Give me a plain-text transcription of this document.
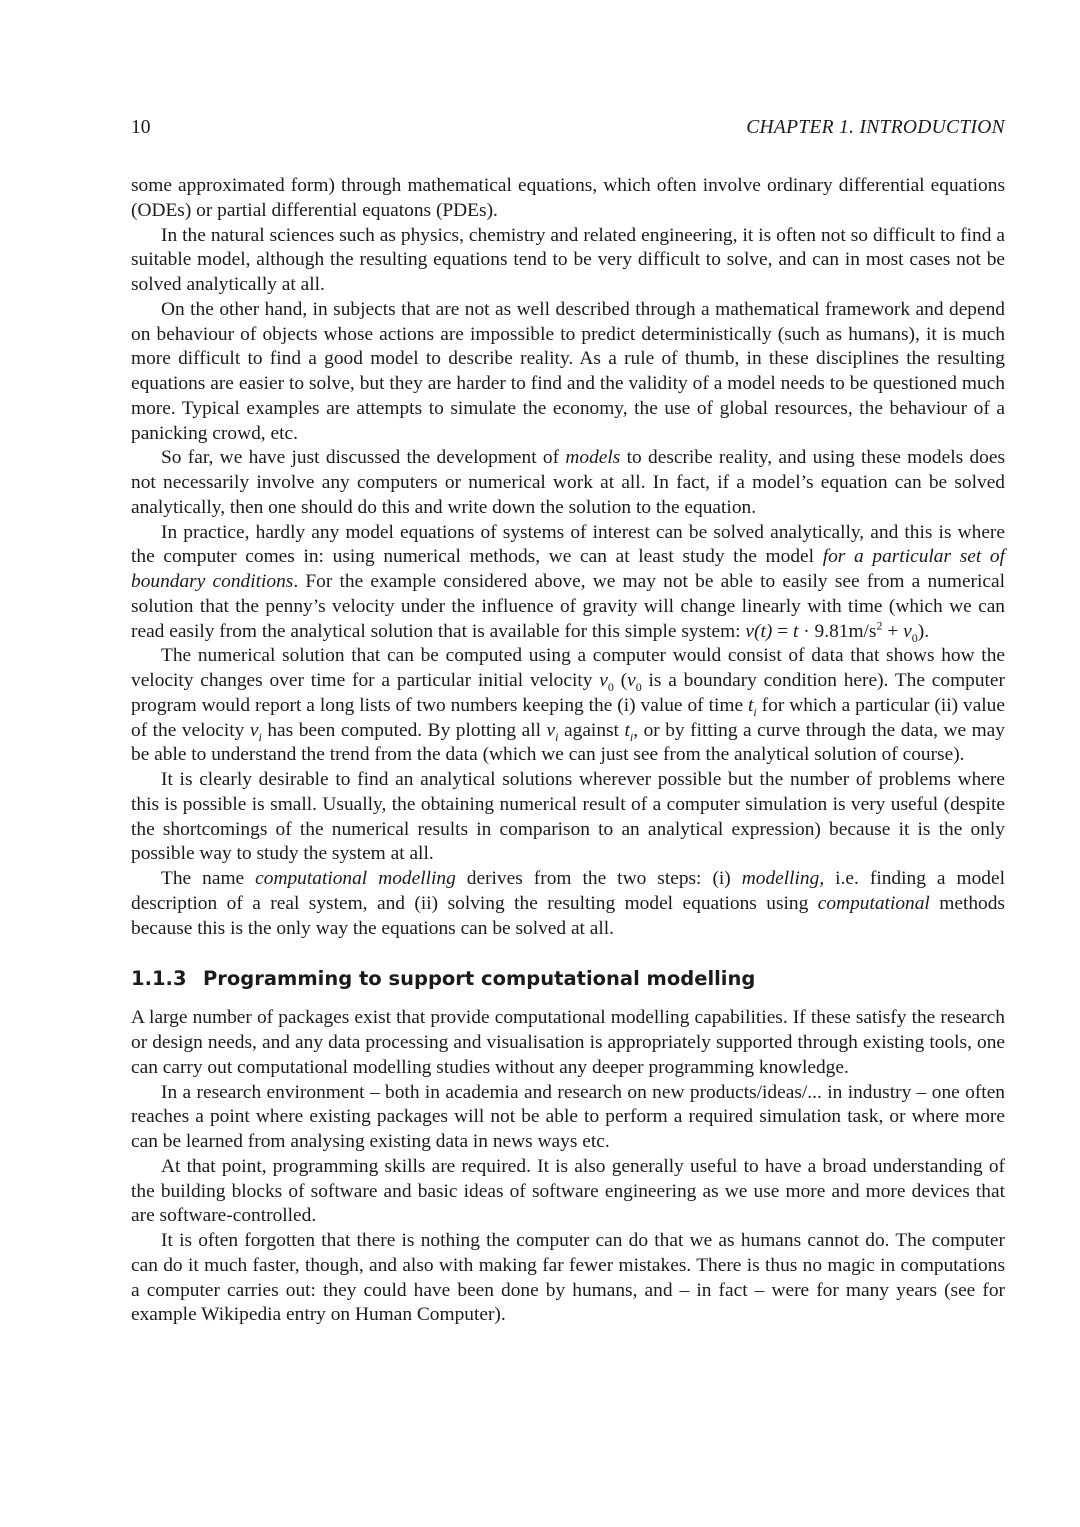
10	CHAPTER 1. INTRODUCTION

some approximated form) through mathematical equations, which often involve ordinary differential equations (ODEs) or partial differential equatons (PDEs).

In the natural sciences such as physics, chemistry and related engineering, it is often not so difficult to find a suitable model, although the resulting equations tend to be very difficult to solve, and can in most cases not be solved analytically at all.

On the other hand, in subjects that are not as well described through a mathematical framework and depend on behaviour of objects whose actions are impossible to predict deterministically (such as humans), it is much more difficult to find a good model to describe reality. As a rule of thumb, in these disciplines the resulting equations are easier to solve, but they are harder to find and the validity of a model needs to be questioned much more. Typical examples are attempts to simulate the economy, the use of global resources, the behaviour of a panicking crowd, etc.

So far, we have just discussed the development of models to describe reality, and using these models does not necessarily involve any computers or numerical work at all. In fact, if a model’s equation can be solved analytically, then one should do this and write down the solution to the equation.

In practice, hardly any model equations of systems of interest can be solved analytically, and this is where the computer comes in: using numerical methods, we can at least study the model for a particular set of boundary conditions. For the example considered above, we may not be able to easily see from a numerical solution that the penny’s velocity under the influence of gravity will change linearly with time (which we can read easily from the analytical solution that is available for this simple system: $v(t) = t \cdot 9.81m/s^2 + v_0$).

The numerical solution that can be computed using a computer would consist of data that shows how the velocity changes over time for a particular initial velocity $v_0$ ($v_0$ is a boundary condition here). The computer program would report a long lists of two numbers keeping the (i) value of time $t_i$ for which a particular (ii) value of the velocity $v_i$ has been computed. By plotting all $v_i$ against $t_i$, or by fitting a curve through the data, we may be able to understand the trend from the data (which we can just see from the analytical solution of course).

It is clearly desirable to find an analytical solutions wherever possible but the number of problems where this is possible is small. Usually, the obtaining numerical result of a computer simulation is very useful (despite the shortcomings of the numerical results in comparison to an analytical expression) because it is the only possible way to study the system at all.

The name computational modelling derives from the two steps: (i) modelling, i.e. finding a model description of a real system, and (ii) solving the resulting model equations using computational methods because this is the only way the equations can be solved at all.

1.1.3 Programming to support computational modelling

A large number of packages exist that provide computational modelling capabilities. If these satisfy the research or design needs, and any data processing and visualisation is appropriately supported through existing tools, one can carry out computational modelling studies without any deeper programming knowledge.

In a research environment – both in academia and research on new products/ideas/... in industry – one often reaches a point where existing packages will not be able to perform a required simulation task, or where more can be learned from analysing existing data in news ways etc.

At that point, programming skills are required. It is also generally useful to have a broad understanding of the building blocks of software and basic ideas of software engineering as we use more and more devices that are software-controlled.

It is often forgotten that there is nothing the computer can do that we as humans cannot do. The computer can do it much faster, though, and also with making far fewer mistakes. There is thus no magic in computations a computer carries out: they could have been done by humans, and – in fact – were for many years (see for example Wikipedia entry on Human Computer).
